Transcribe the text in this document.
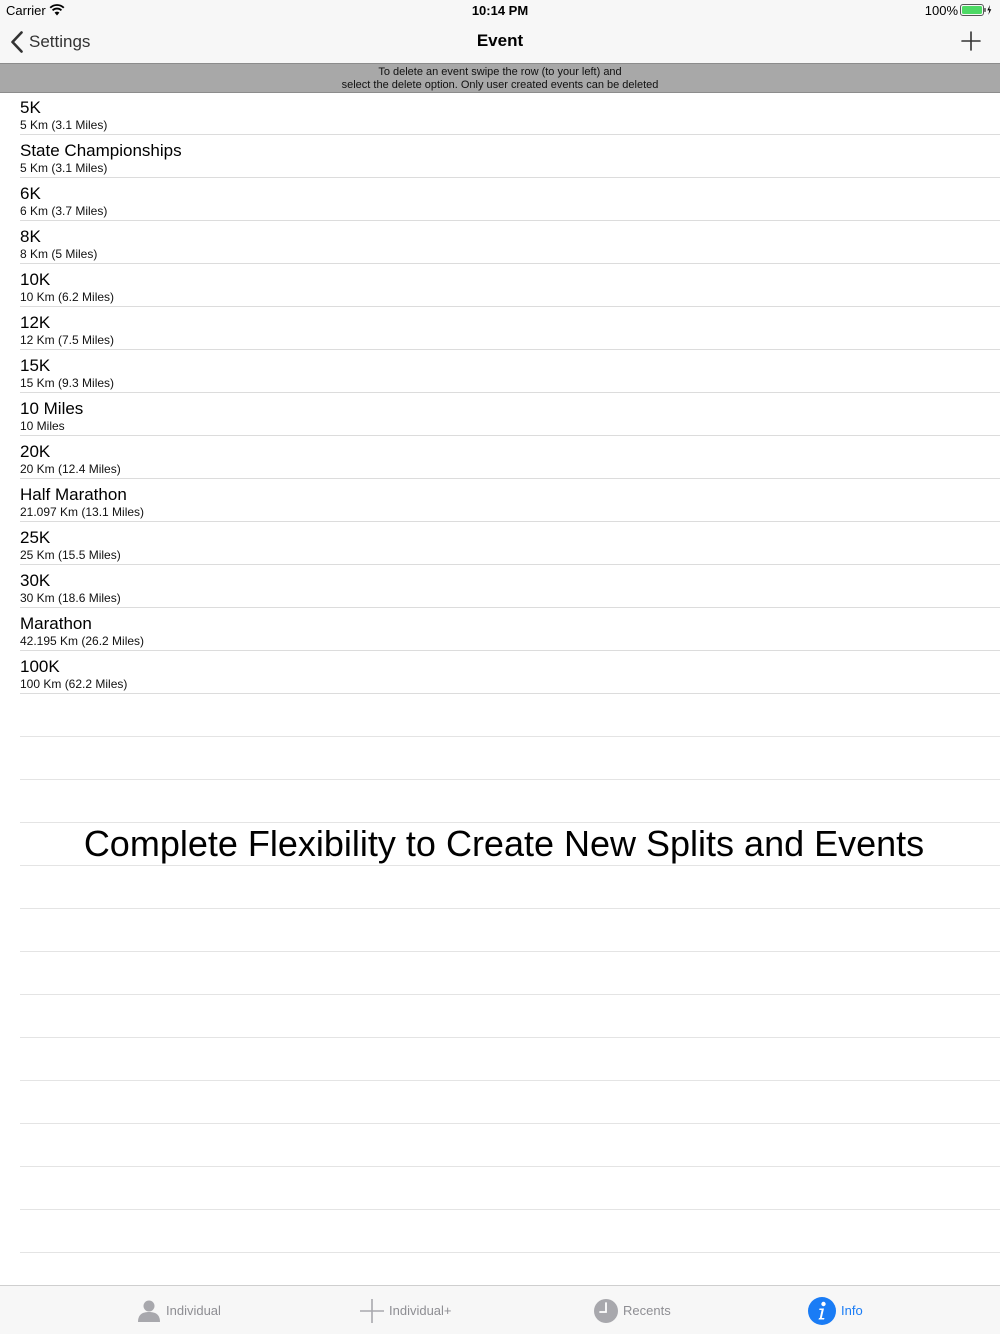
Carrier	10:14 PM	100%
Settings	Event
To delete an event swipe the row (to your left) and
select the delete option. Only user created events can be deleted
5K
5 Km (3.1 Miles)
State Championships
5 Km (3.1 Miles)
6K
6 Km (3.7 Miles)
8K
8 Km (5 Miles)
10K
10 Km (6.2 Miles)
12K
12 Km (7.5 Miles)
15K
15 Km (9.3 Miles)
10 Miles
10 Miles
20K
20 Km (12.4 Miles)
Half Marathon
21.097 Km (13.1 Miles)
25K
25 Km (15.5 Miles)
30K
30 Km (18.6 Miles)
Marathon
42.195 Km (26.2 Miles)
100K
100 Km (62.2 Miles)
Complete Flexibility to Create New Splits and Events
Individual	Individual+	Recents	Info
